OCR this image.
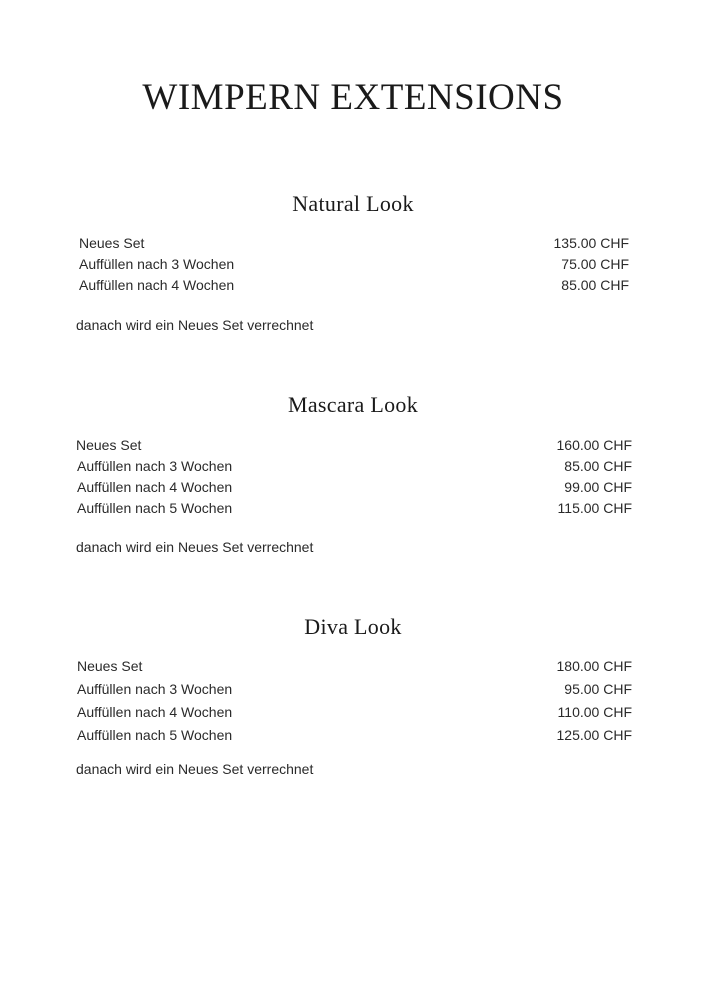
WIMPERN EXTENSIONS
Natural Look
Neues Set	135.00 CHF
Auffüllen nach 3 Wochen	75.00 CHF
Auffüllen nach 4 Wochen	85.00 CHF
danach wird ein Neues Set verrechnet
Mascara Look
Neues Set	160.00 CHF
Auffüllen nach 3 Wochen	85.00 CHF
Auffüllen nach 4 Wochen	99.00 CHF
Auffüllen nach 5 Wochen	115.00 CHF
danach wird ein Neues Set verrechnet
Diva Look
Neues Set	180.00 CHF
Auffüllen nach 3 Wochen	95.00 CHF
Auffüllen nach 4 Wochen	110.00 CHF
Auffüllen nach 5 Wochen	125.00 CHF
danach wird ein Neues Set verrechnet
